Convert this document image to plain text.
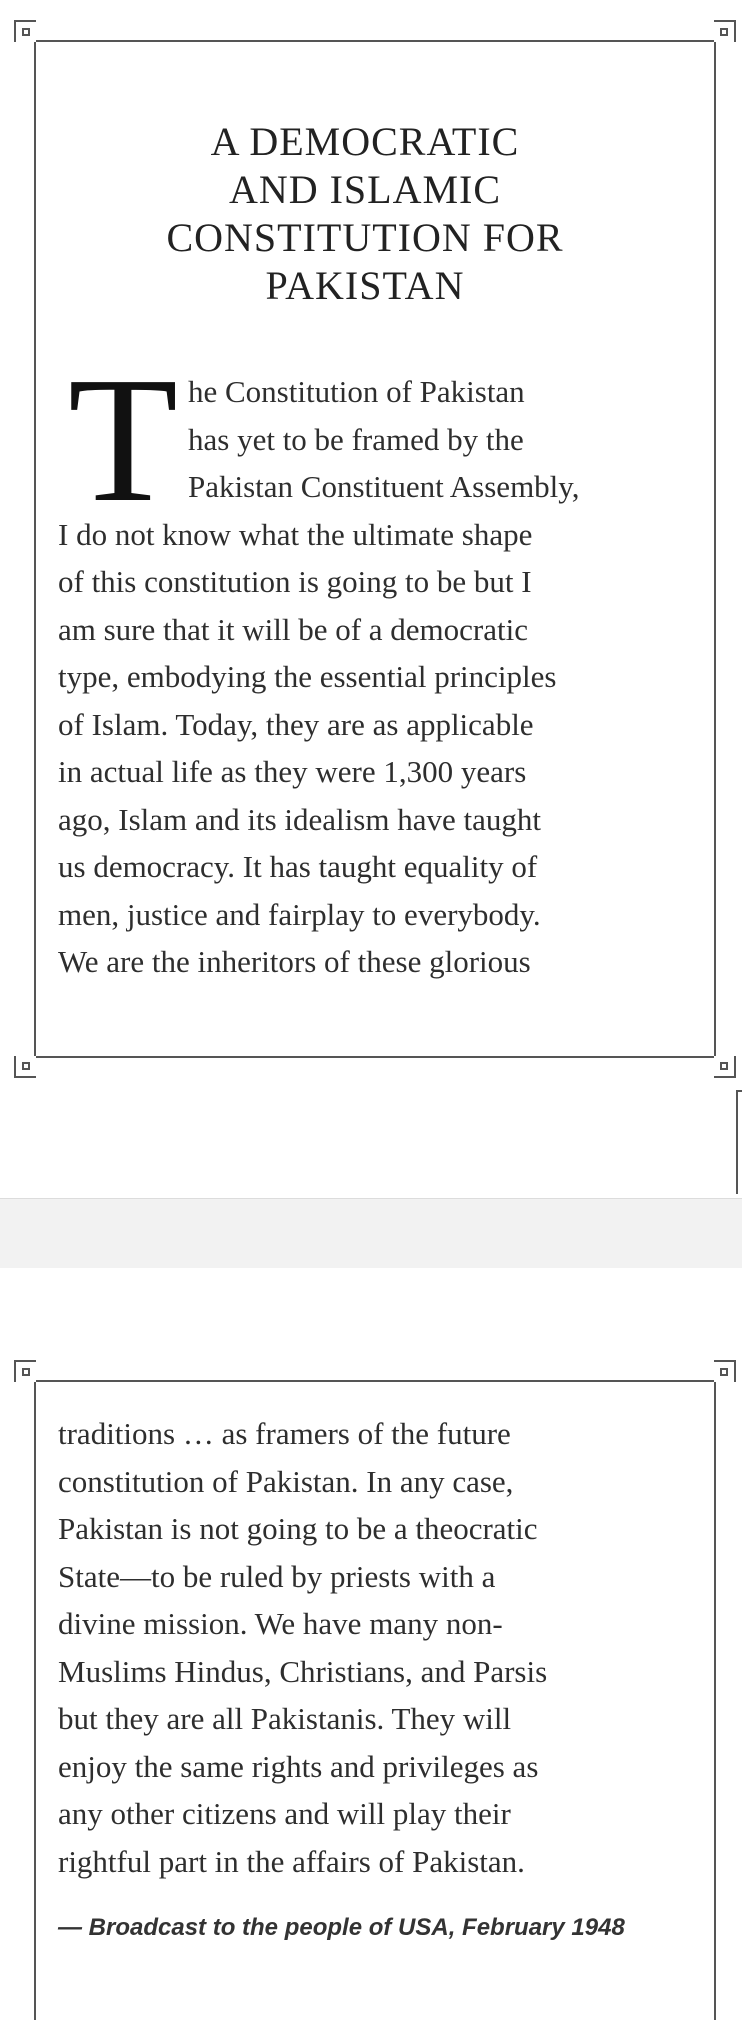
A DEMOCRATIC
AND ISLAMIC
CONSTITUTION FOR
PAKISTAN
T he Constitution of Pakistan
has yet to be framed by the
Pakistan Constituent Assembly,
I do not know what the ultimate shape
of this constitution is going to be but I
am sure that it will be of a democratic
type, embodying the essential principles
of Islam. Today, they are as applicable
in actual life as they were 1,300 years
ago, Islam and its idealism have taught
us democracy. It has taught equality of
men, justice and fairplay to everybody.
We are the inheritors of these glorious
traditions … as framers of the future
constitution of Pakistan. In any case,
Pakistan is not going to be a theocratic
State—to be ruled by priests with a
divine mission. We have many non-
Muslims Hindus, Christians, and Parsis
but they are all Pakistanis. They will
enjoy the same rights and privileges as
any other citizens and will play their
rightful part in the affairs of Pakistan.
— Broadcast to the people of USA, February 1948
